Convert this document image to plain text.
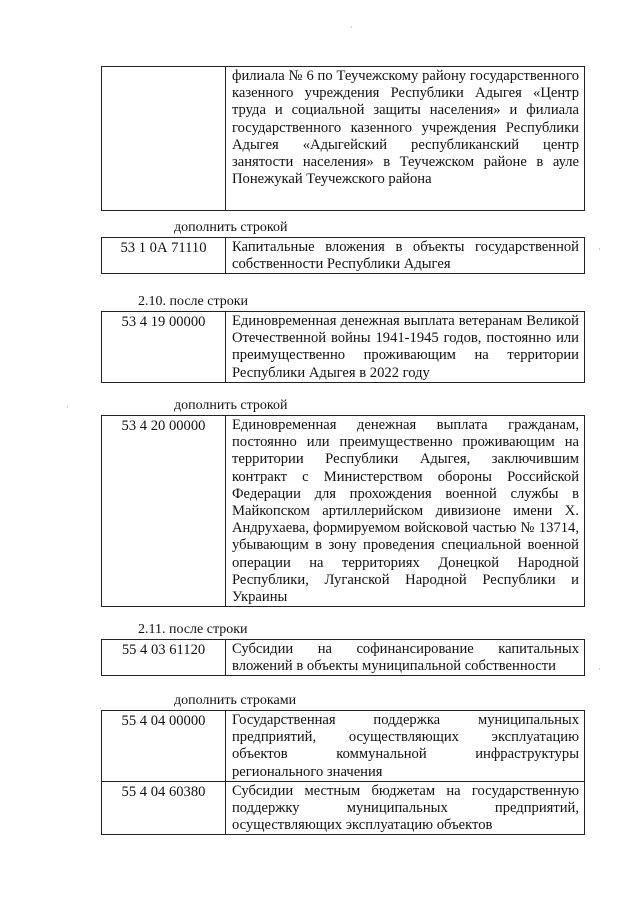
	филиала № 6 по Теучежскому району государственного казенного учреждения Республики Адыгея «Центр труда и социальной защиты населения» и филиала государственного казенного учреждения Республики Адыгея «Адыгейский республиканский центр занятости населения» в Теучежском районе в ауле Понежукай Теучежского района
дополнить строкой
53 1 0А 71110	Капитальные вложения в объекты государственной собственности Республики Адыгея
2.10. после строки
53 4 19 00000	Единовременная денежная выплата ветеранам Великой Отечественной войны 1941-1945 годов, постоянно или преимущественно проживающим на территории Республики Адыгея в 2022 году
дополнить строкой
53 4 20 00000	Единовременная денежная выплата гражданам, постоянно или преимущественно проживающим на территории Республики Адыгея, заключившим контракт с Министерством обороны Российской Федерации для прохождения военной службы в Майкопском артиллерийском дивизионе имени Х. Андрухаева, формируемом войсковой частью № 13714, убывающим в зону проведения специальной военной операции на территориях Донецкой Народной Республики, Луганской Народной Республики и Украины
2.11. после строки
55 4 03 61120	Субсидии на софинансирование капитальных вложений в объекты муниципальной собственности
дополнить строками
55 4 04 00000	Государственная поддержка муниципальных предприятий, осуществляющих эксплуатацию объектов коммунальной инфраструктуры регионального значения
55 4 04 60380	Субсидии местным бюджетам на государственную поддержку муниципальных предприятий, осуществляющих эксплуатацию объектов
·
·
·
·
